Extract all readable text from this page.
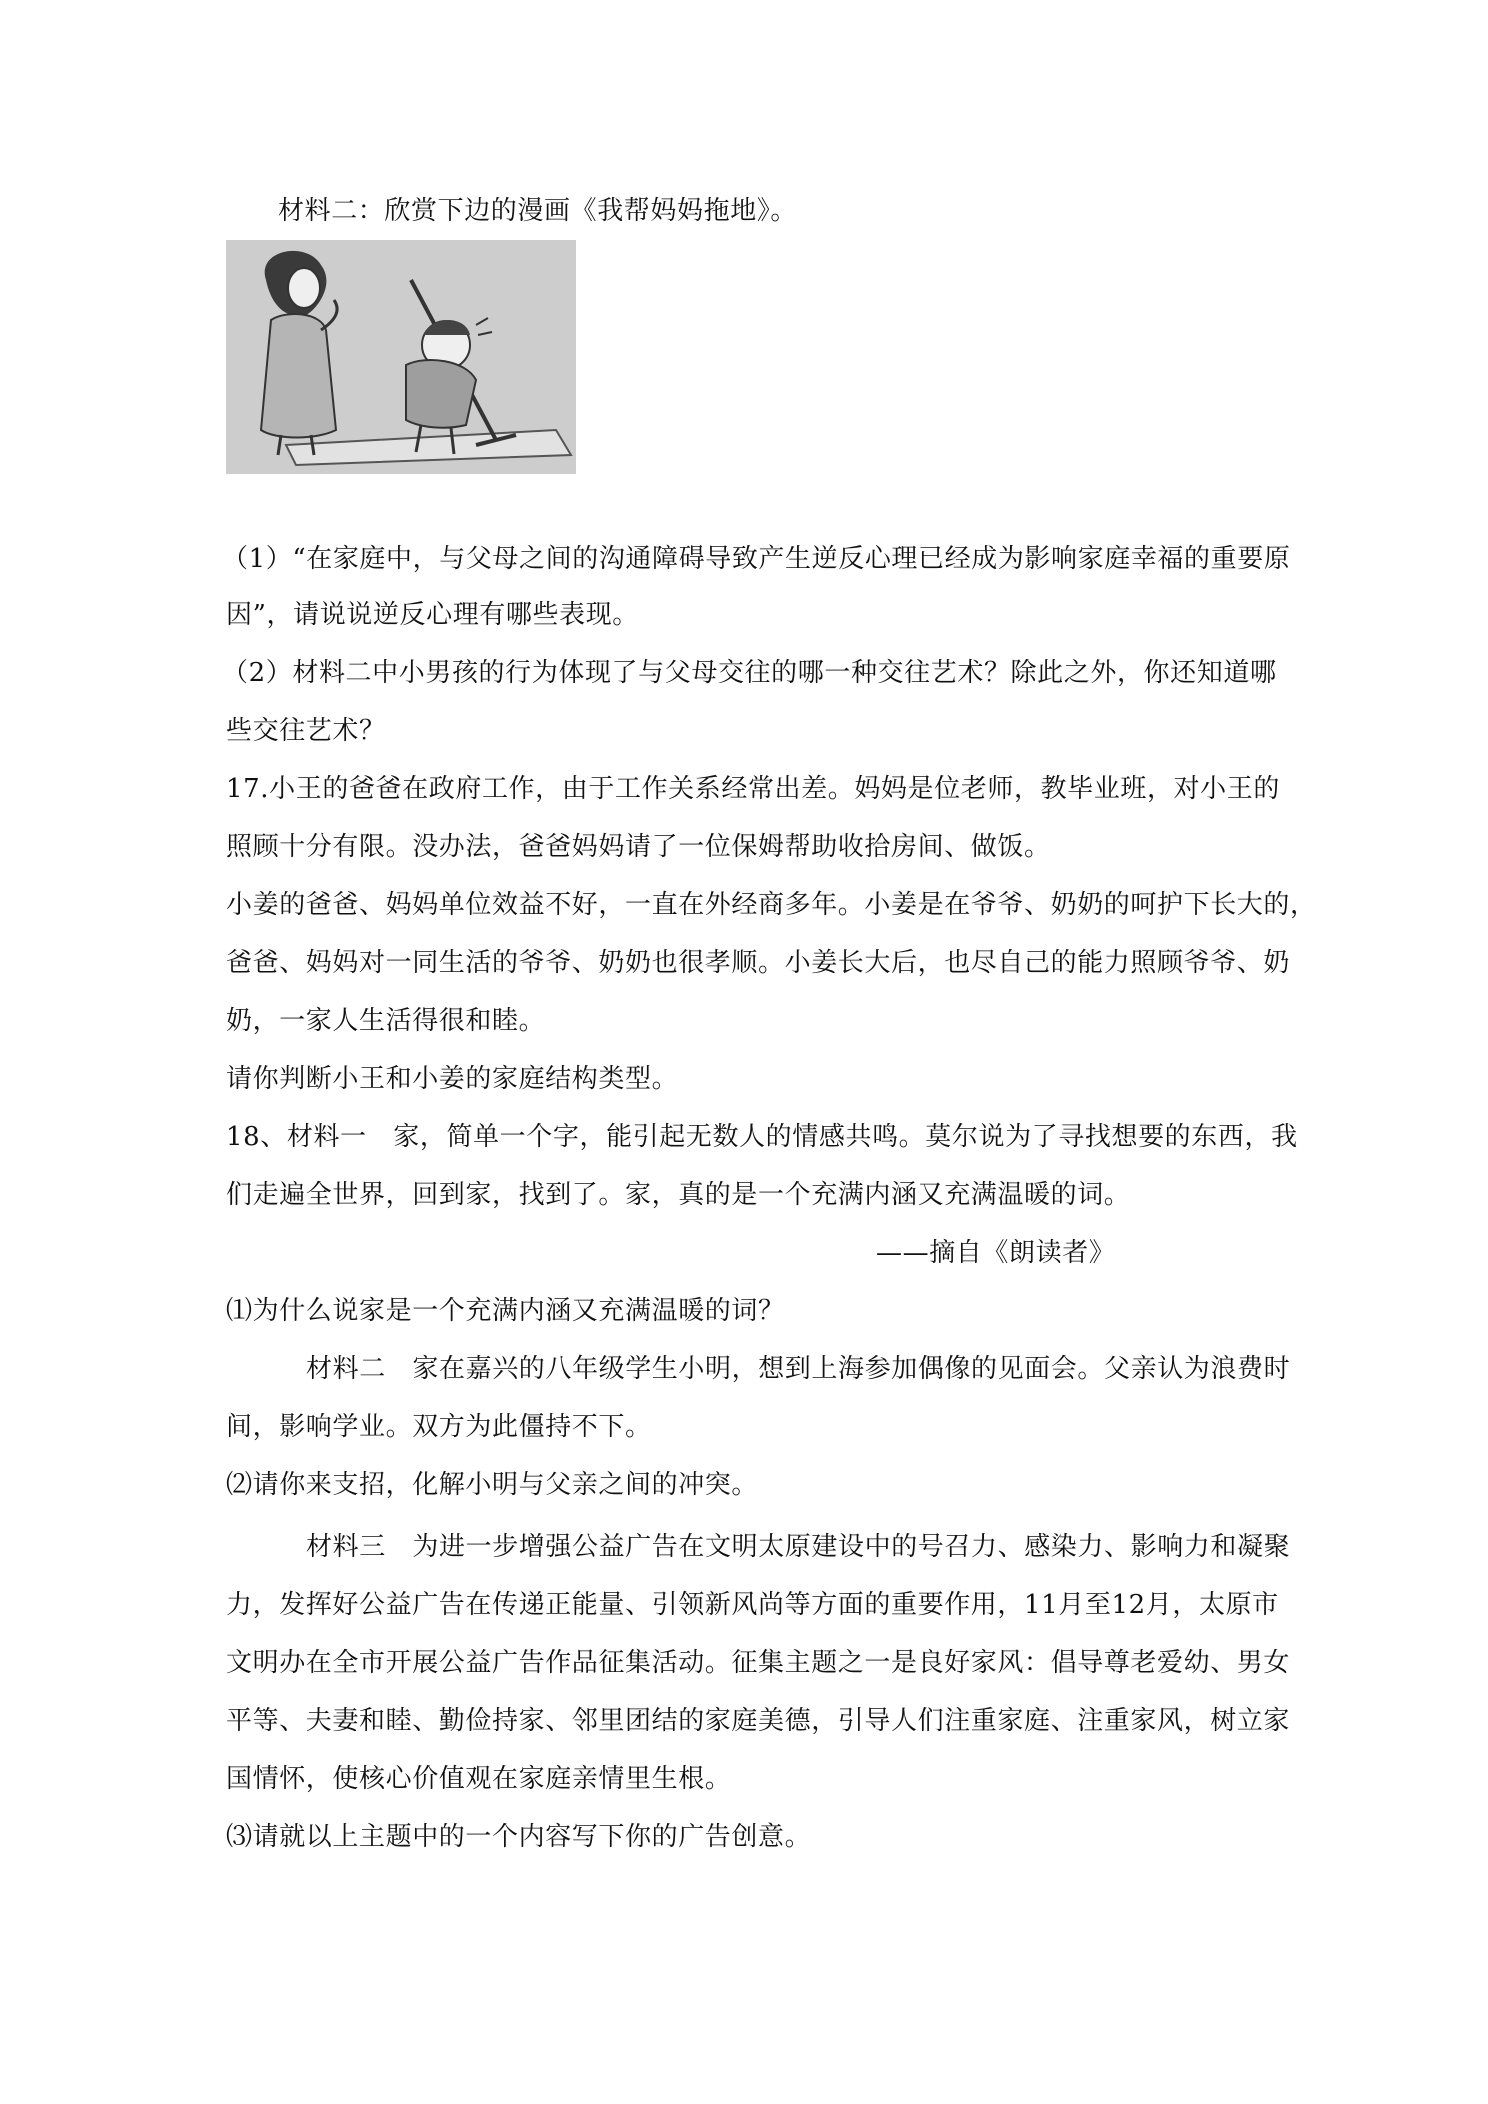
材料二：欣赏下边的漫画《我帮妈妈拖地》。
（1）“在家庭中，与父母之间的沟通障碍导致产生逆反心理已经成为影响家庭幸福的重要原
因”，请说说逆反心理有哪些表现。
（2）材料二中小男孩的行为体现了与父母交往的哪一种交往艺术？除此之外，你还知道哪
些交往艺术？
17.小王的爸爸在政府工作，由于工作关系经常出差。妈妈是位老师，教毕业班，对小王的
照顾十分有限。没办法，爸爸妈妈请了一位保姆帮助收拾房间、做饭。
小姜的爸爸、妈妈单位效益不好，一直在外经商多年。小姜是在爷爷、奶奶的呵护下长大的，
爸爸、妈妈对一同生活的爷爷、奶奶也很孝顺。小姜长大后，也尽自己的能力照顾爷爷、奶
奶，一家人生活得很和睦。
请你判断小王和小姜的家庭结构类型。
18、材料一　家，简单一个字，能引起无数人的情感共鸣。莫尔说为了寻找想要的东西，我
们走遍全世界，回到家，找到了。家，真的是一个充满内涵又充满温暖的词。
——摘自《朗读者》
⑴为什么说家是一个充满内涵又充满温暖的词？
材料二　家在嘉兴的八年级学生小明，想到上海参加偶像的见面会。父亲认为浪费时
间，影响学业。双方为此僵持不下。
⑵请你来支招，化解小明与父亲之间的冲突。
材料三　为进一步增强公益广告在文明太原建设中的号召力、感染力、影响力和凝聚
力，发挥好公益广告在传递正能量、引领新风尚等方面的重要作用，11月至12月，太原市
文明办在全市开展公益广告作品征集活动。征集主题之一是良好家风：倡导尊老爱幼、男女
平等、夫妻和睦、勤俭持家、邻里团结的家庭美德，引导人们注重家庭、注重家风，树立家
国情怀，使核心价值观在家庭亲情里生根。
⑶请就以上主题中的一个内容写下你的广告创意。
